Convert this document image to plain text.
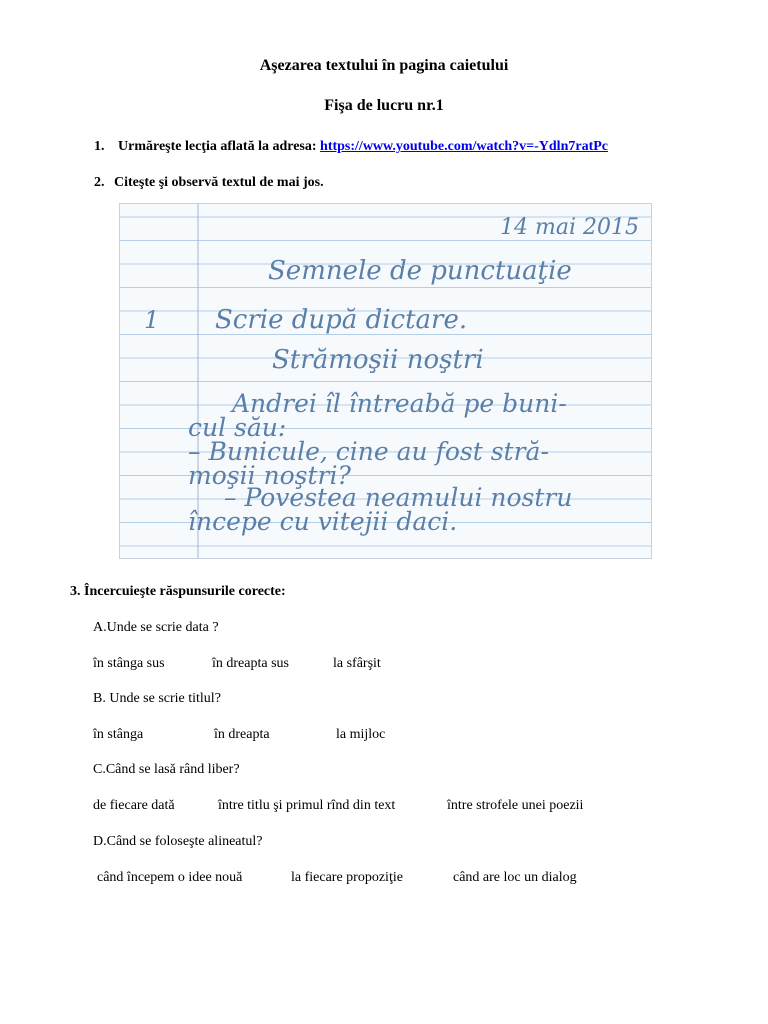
Aşezarea textului în pagina caietului
Fişa de lucru nr.1
1. Urmăreşte lecţia aflată la adresa: https://www.youtube.com/watch?v=-Ydln7ratPc
2. Citeşte şi observă textul de mai jos.
14 mai 2015
Semnele de punctuaţie
1 Scrie după dictare.
Strămoşii noştri
Andrei îl întreabă pe buni-
cul său:
– Bunicule, cine au fost stră-
moşii noştri?
– Povestea neamului nostru
începe cu vitejii daci.
3. Încercuieşte răspunsurile corecte:
A.Unde se scrie data ?
în stânga sus	în dreapta sus	la sfârşit
B. Unde se scrie titlul?
în stânga	în dreapta	la mijloc
C.Când se lasă rând liber?
de fiecare dată	între titlu şi primul rînd din text	între strofele unei poezii
D.Când se foloseşte alineatul?
când începem o idee nouă	la fiecare propoziţie	când are loc un dialog
